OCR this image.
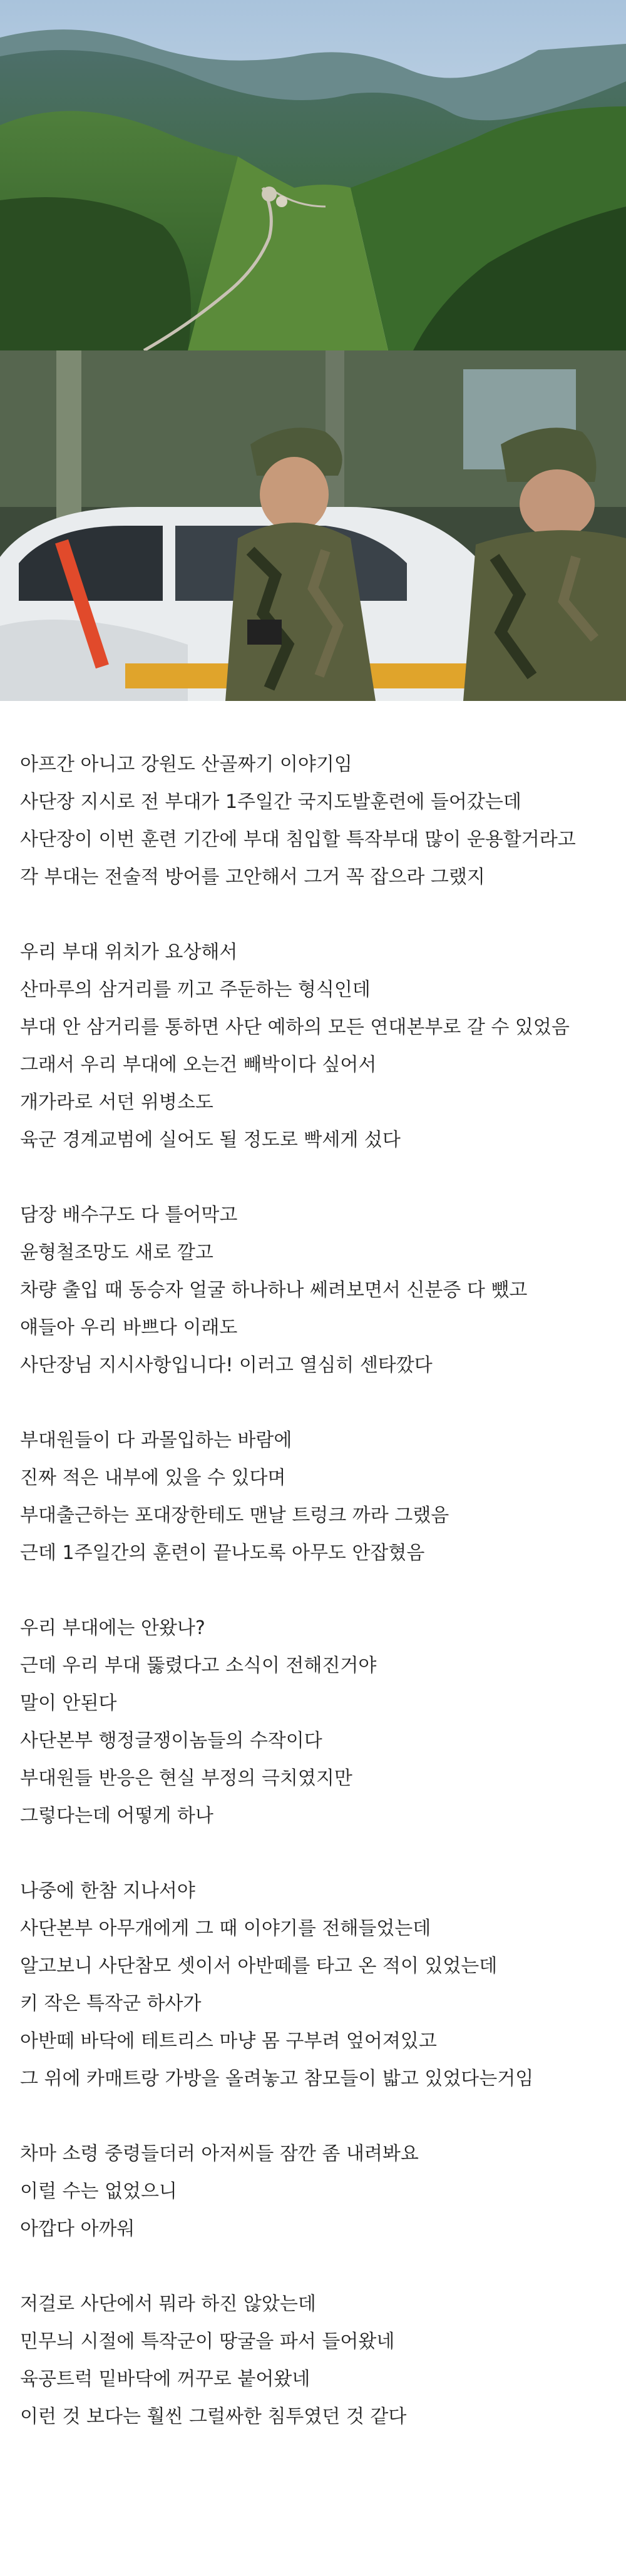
아프간 아니고 강원도 산골짜기 이야기임
사단장 지시로 전 부대가 1주일간 국지도발훈련에 들어갔는데
사단장이 이번 훈련 기간에 부대 침입할 특작부대 많이 운용할거라고
각 부대는 전술적 방어를 고안해서 그거 꼭 잡으라 그랬지
우리 부대 위치가 요상해서
산마루의 삼거리를 끼고 주둔하는 형식인데
부대 안 삼거리를 통하면 사단 예하의 모든 연대본부로 갈 수 있었음
그래서 우리 부대에 오는건 빼박이다 싶어서
개가라로 서던 위병소도
육군 경계교범에 실어도 될 정도로 빡세게 섰다
담장 배수구도 다 틀어막고
윤형철조망도 새로 깔고
차량 출입 때 동승자 얼굴 하나하나 쎄려보면서 신분증 다 뺐고
얘들아 우리 바쁘다 이래도
사단장님 지시사항입니다! 이러고 열심히 센타깠다
부대원들이 다 과몰입하는 바람에
진짜 적은 내부에 있을 수 있다며
부대출근하는 포대장한테도 맨날 트렁크 까라 그랬음
근데 1주일간의 훈련이 끝나도록 아무도 안잡혔음
우리 부대에는 안왔나?
근데 우리 부대 뚫렸다고 소식이 전해진거야
말이 안된다
사단본부 행정글쟁이놈들의 수작이다
부대원들 반응은 현실 부정의 극치였지만
그렇다는데 어떻게 하나
나중에 한참 지나서야
사단본부 아무개에게 그 때 이야기를 전해들었는데
알고보니 사단참모 셋이서 아반떼를 타고 온 적이 있었는데
키 작은 특작군 하사가
아반떼 바닥에 테트리스 마냥 몸 구부려 엎어져있고
그 위에 카매트랑 가방을 올려놓고 참모들이 밟고 있었다는거임
차마 소령 중령들더러 아저씨들 잠깐 좀 내려봐요
이럴 수는 없었으니
아깝다 아까워
저걸로 사단에서 뭐라 하진 않았는데
민무늬 시절에 특작군이 땅굴을 파서 들어왔네
육공트럭 밑바닥에 꺼꾸로 붙어왔네
이런 것 보다는 훨씬 그럴싸한 침투였던 것 같다
